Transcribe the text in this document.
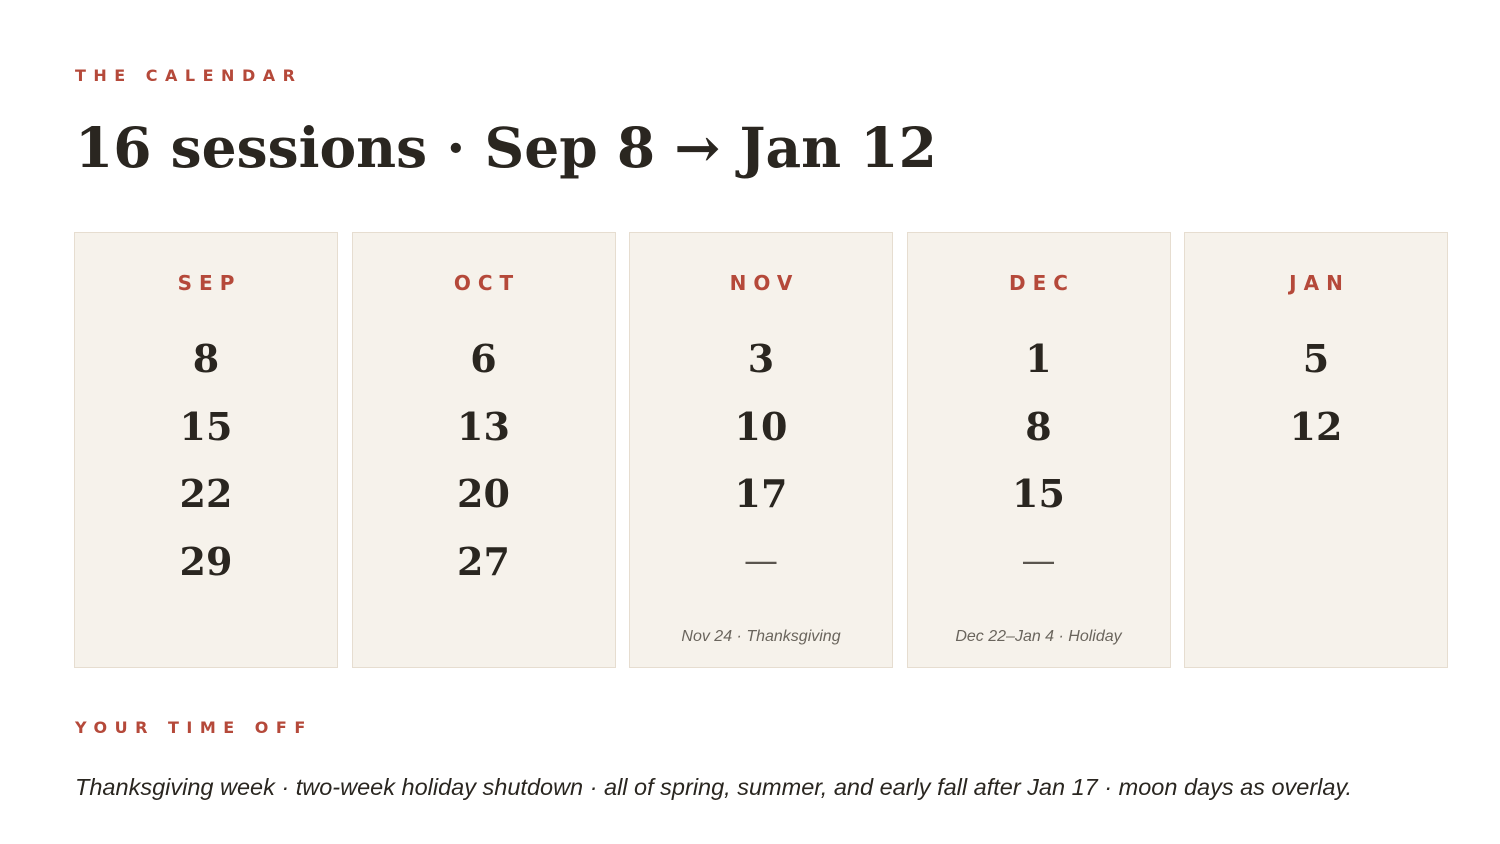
THE CALENDAR
16 sessions · Sep 8 → Jan 12
SEP
8
15
22
29
OCT
6
13
20
27
NOV
3
10
17
—
Nov 24 · Thanksgiving
DEC
1
8
15
—
Dec 22–Jan 4 · Holiday
JAN
5
12
YOUR TIME OFF

Thanksgiving week · two-week holiday shutdown · all of spring, summer, and early fall after Jan 17 · moon days as overlay.
